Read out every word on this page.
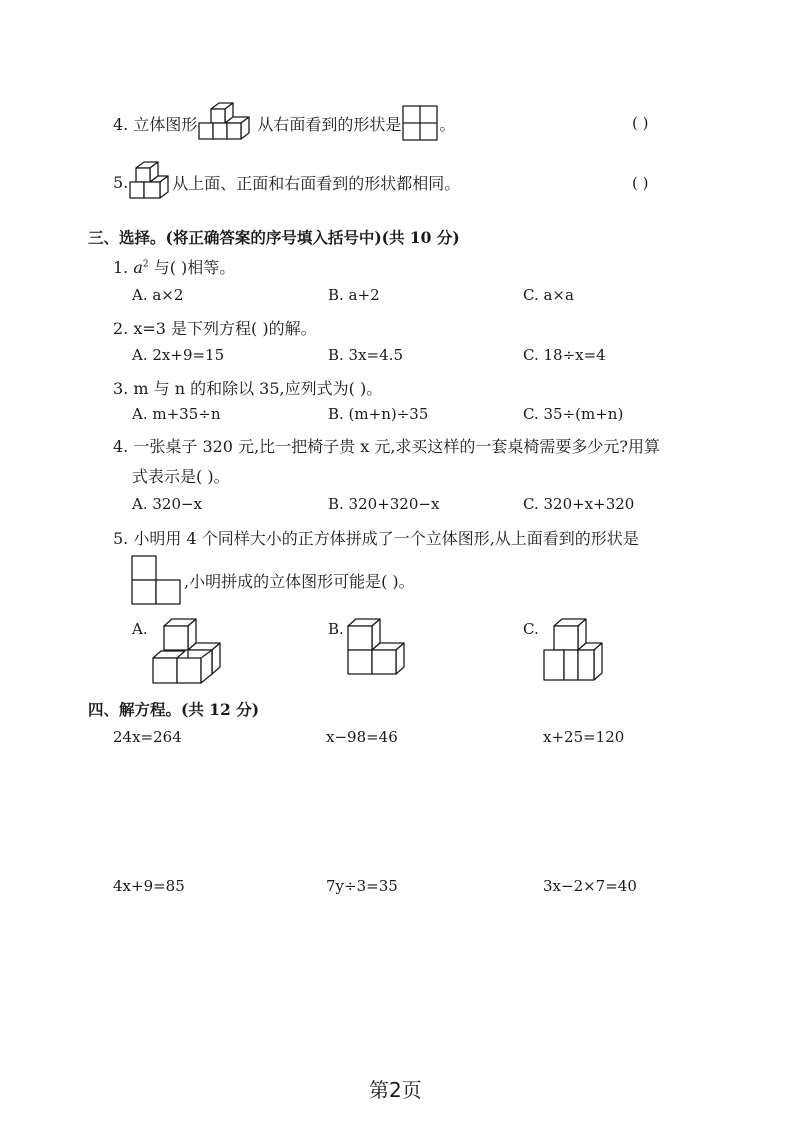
4. 立体图形	从右面看到的形状是 。	( )
5.	从上面、正面和右面看到的形状都相同。	( )
三、选择。(将正确答案的序号填入括号中)(共 10 分)
1. $a^2$ 与( )相等。
A. a×2	B. a+2	C. a×a
2. x=3 是下列方程( )的解。
A. 2x+9=15	B. 3x=4.5	C. 18÷x=4
3. m 与 n 的和除以 35,应列式为( )。
A. m+35÷n	B. (m+n)÷35	C. 35÷(m+n)
4. 一张桌子 320 元,比一把椅子贵 x 元,求买这样的一套桌椅需要多少元?用算
式表示是( )。
A. 320−x	B. 320+320−x	C. 320+x+320
5. 小明用 4 个同样大小的正方体拼成了一个立体图形,从上面看到的形状是
,小明拼成的立体图形可能是( )。
A.	B.	C.
四、解方程。(共 12 分)
24x=264	x−98=46	x+25=120
4x+9=85	7y÷3=35	3x−2×7=40
第2页
